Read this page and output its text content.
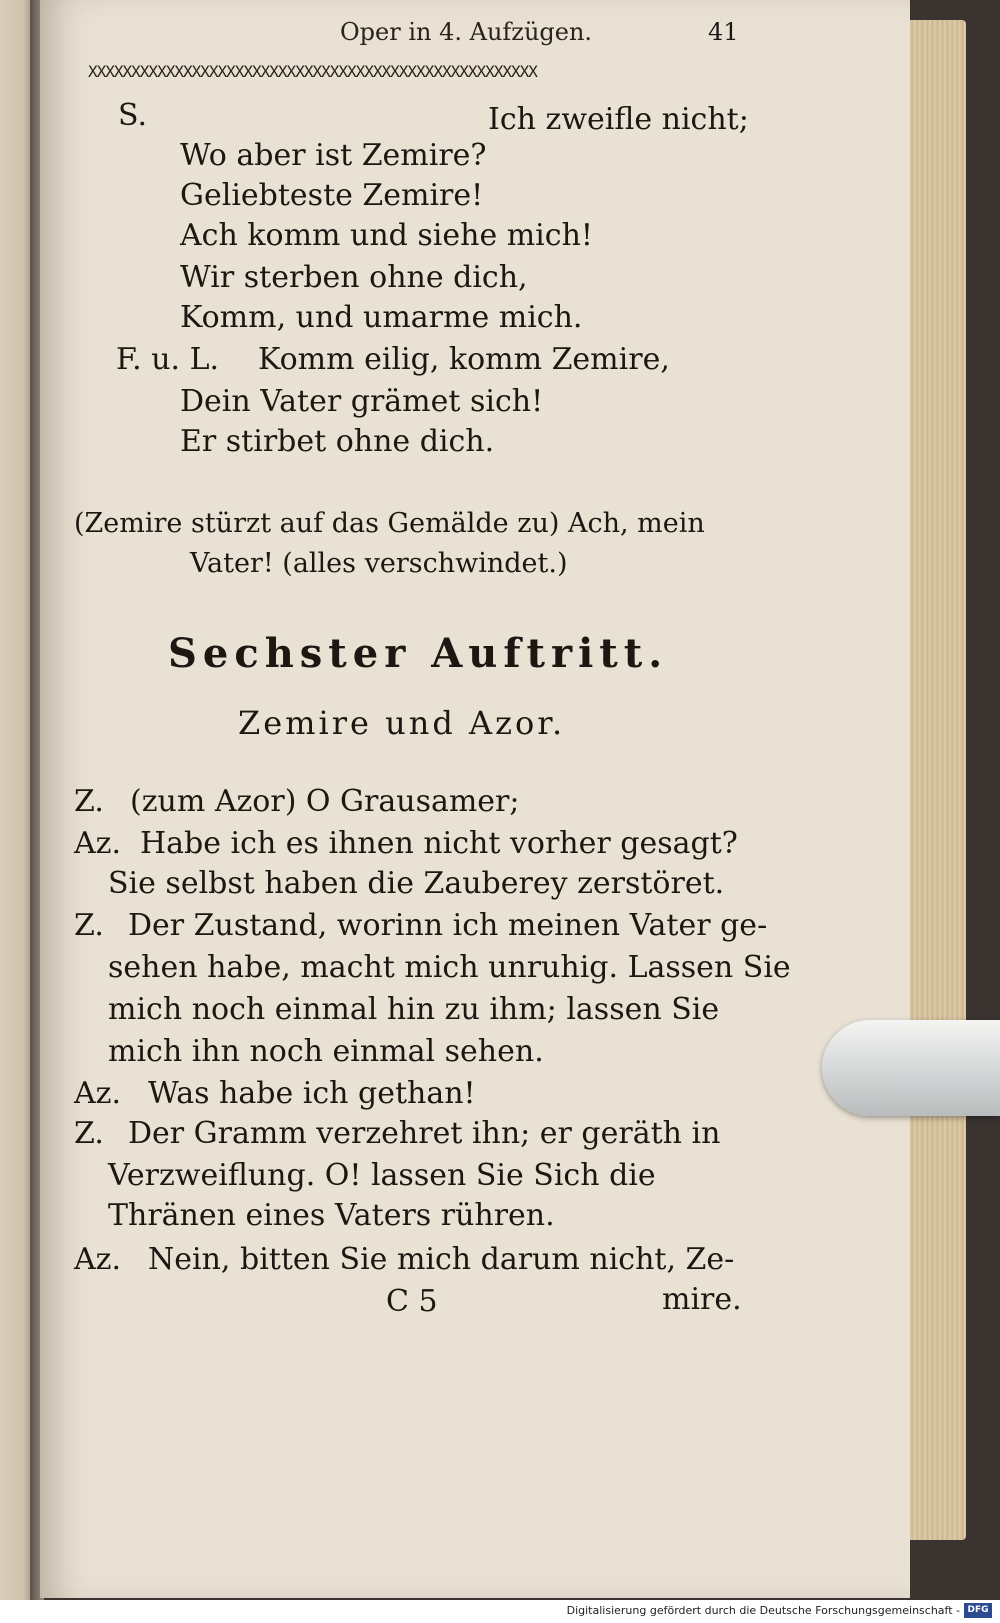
Oper in 4. Aufzügen.	41
XXXXXXXXXXXXXXXXXXXXXXXXXXXXXXXXXXXXXXXXXXXXXXXXXXXX
S.	Ich zweifle nicht;
Wo aber ist Zemire?
Geliebteste Zemire!
Ach komm und siehe mich!
Wir sterben ohne dich,
Komm, und umarme mich.
F. u. L. Komm eilig, komm Zemire,
Dein Vater grämet sich!
Er stirbet ohne dich.
(Zemire stürzt auf das Gemälde zu) Ach, mein
Vater! (alles verschwindet.)
Sechster Auftritt.
Zemire und Azor.
Z. (zum Azor) O Grausamer;
Az. Habe ich es ihnen nicht vorher gesagt?
Sie selbst haben die Zauberey zerstöret.
Z. Der Zustand, worinn ich meinen Vater ge-
sehen habe, macht mich unruhig. Lassen Sie
mich noch einmal hin zu ihm; lassen Sie
mich ihn noch einmal sehen.
Az. Was habe ich gethan!
Z. Der Gramm verzehret ihn; er geräth in
Verzweiflung. O! lassen Sie Sich die
Thränen eines Vaters rühren.
Az. Nein, bitten Sie mich darum nicht, Ze-
C 5	mire.
Digitalisierung gefördert durch die Deutsche Forschungsgemeinschaft - DFG
